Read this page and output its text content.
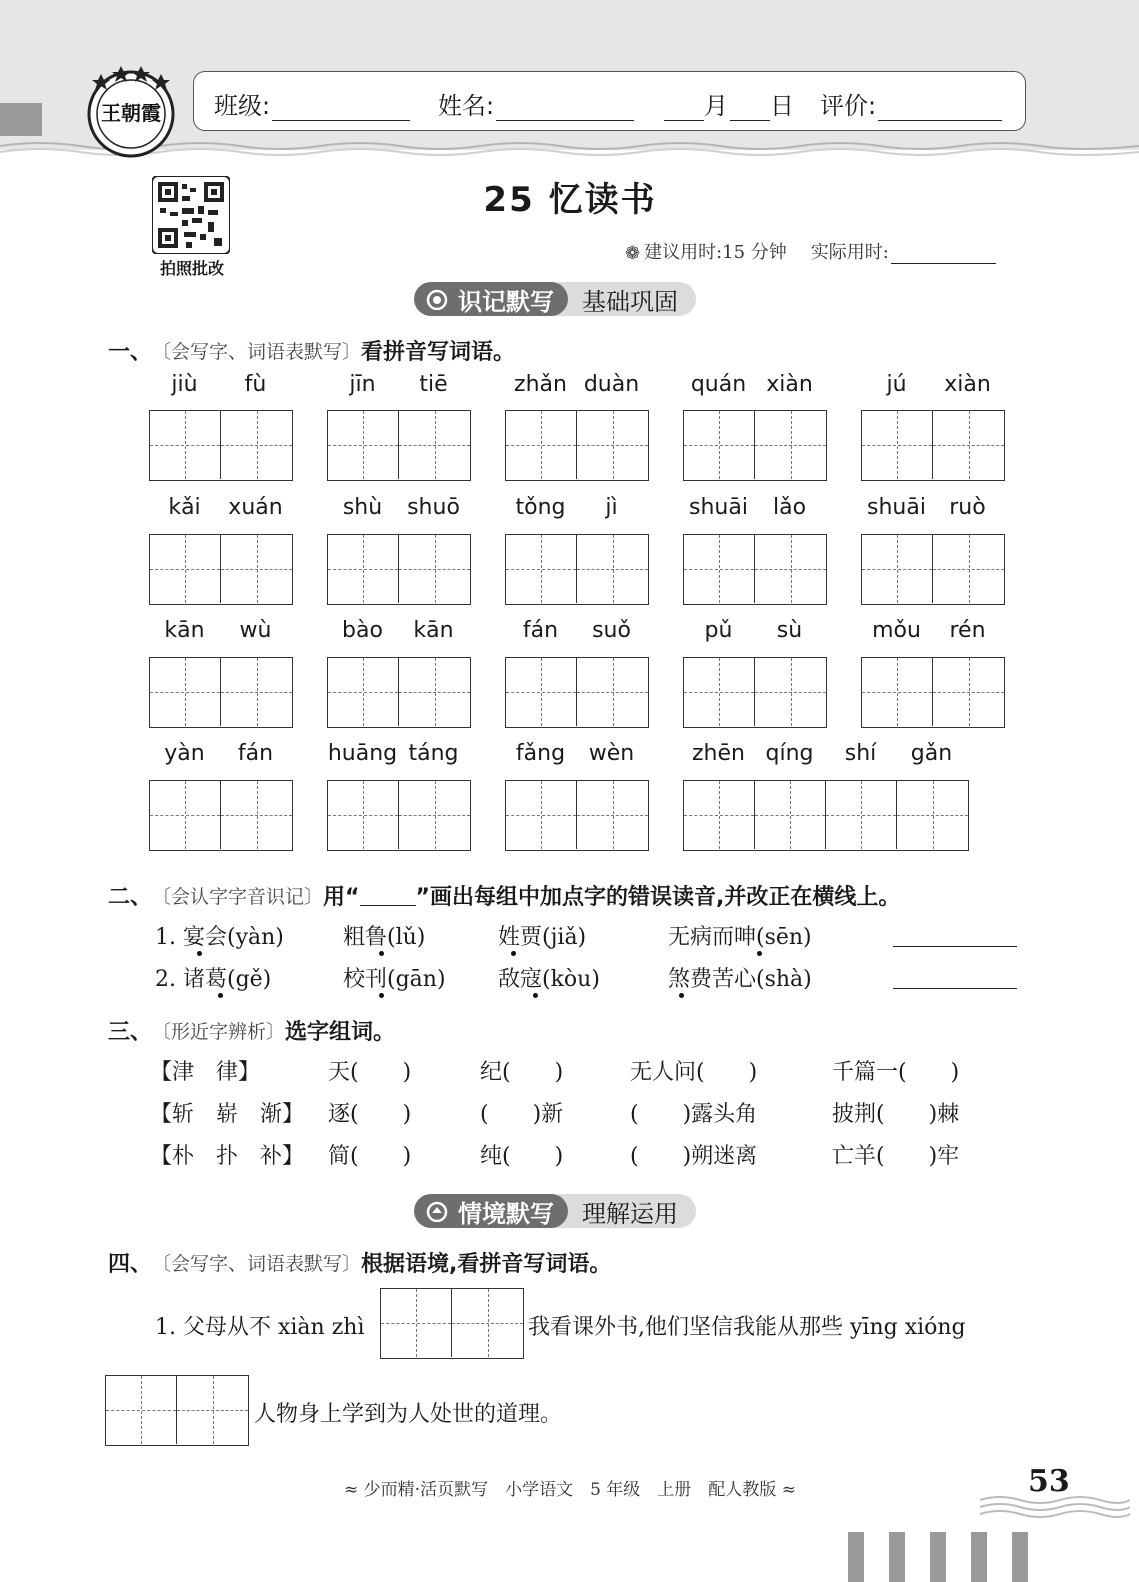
王朝霞 班级:	姓名:	月 日 评价:
拍照批改
25 忆读书
❁ 建议用时:15 分钟 实际用时:
识记默写 基础巩固
一、 〔会写字、词语表默写〕 看拼音写词语。
jiù	fù	jīn	tiē	zhǎn duàn	quán xiàn	jú	xiàn
kǎi	xuán	shù	shuō	tǒng	jì	shuāi	lǎo	shuāi	ruò
kān	wù	bào	kān	fán	suǒ	pǔ	sù	mǒu	rén
yàn	fán	huāng táng	fǎng	wèn	zhēn qíng	shí	gǎn
二、 〔会认字字音识记〕 用“	”画出每组中加点字的错误读音,并改正在横线上。
1. 宴会(yàn)	粗鲁(lǔ)	姓贾(jiǎ)	无病而呻(sēn)
2. 诸葛(gě)	校刊(gān) 敌寇(kòu)	煞费苦心(shà)
三、 〔形近字辨析〕 选字组词。
【津　律】	天(　　)	纪(　　)	无人问(　　)	千篇一(　　)
【斩　崭　渐】 逐(　　)	(　　)新	(　　)露头角	披荆(　　)棘
【朴　扑　补】 简(　　)	纯(　　)	(　　)朔迷离	亡羊(　　)牢
情境默写 理解运用
四、 〔会写字、词语表默写〕 根据语境,看拼音写词语。
1. 父母从不 xiàn zhì	我看课外书,他们坚信我能从那些 yīng xióng
人物身上学到为人处世的道理。
≈ 少而精·活页默写　小学语文　5 年级　上册　配人教版 ≈	53
